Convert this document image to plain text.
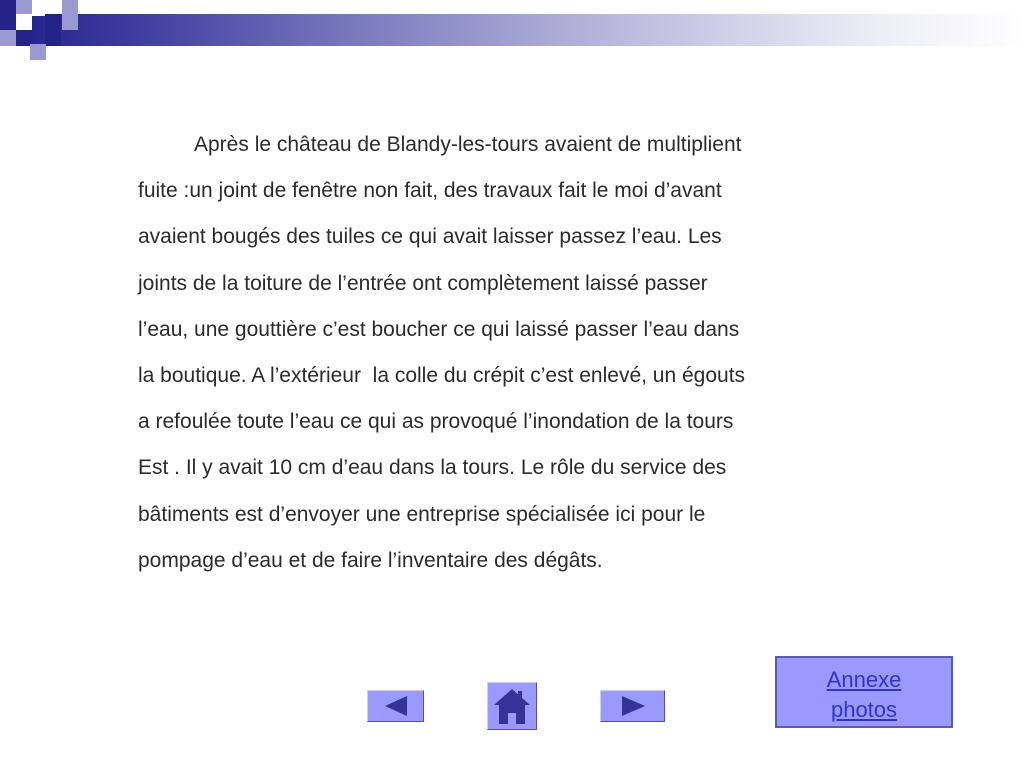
Après le château de Blandy-les-tours avaient de multiplient
fuite :un joint de fenêtre non fait, des travaux fait le moi d’avant
avaient bougés des tuiles ce qui avait laisser passez l’eau. Les
joints de la toiture de l’entrée ont complètement laissé passer
l’eau, une gouttière c’est boucher ce qui laissé passer l’eau dans
la boutique. A l’extérieur  la colle du crépit c’est enlevé, un égouts
a refoulée toute l’eau ce qui as provoqué l’inondation de la tours
Est . Il y avait 10 cm d’eau dans la tours. Le rôle du service des
bâtiments est d’envoyer une entreprise spécialisée ici pour le
pompage d’eau et de faire l’inventaire des dégâts.

Annexe
photos
